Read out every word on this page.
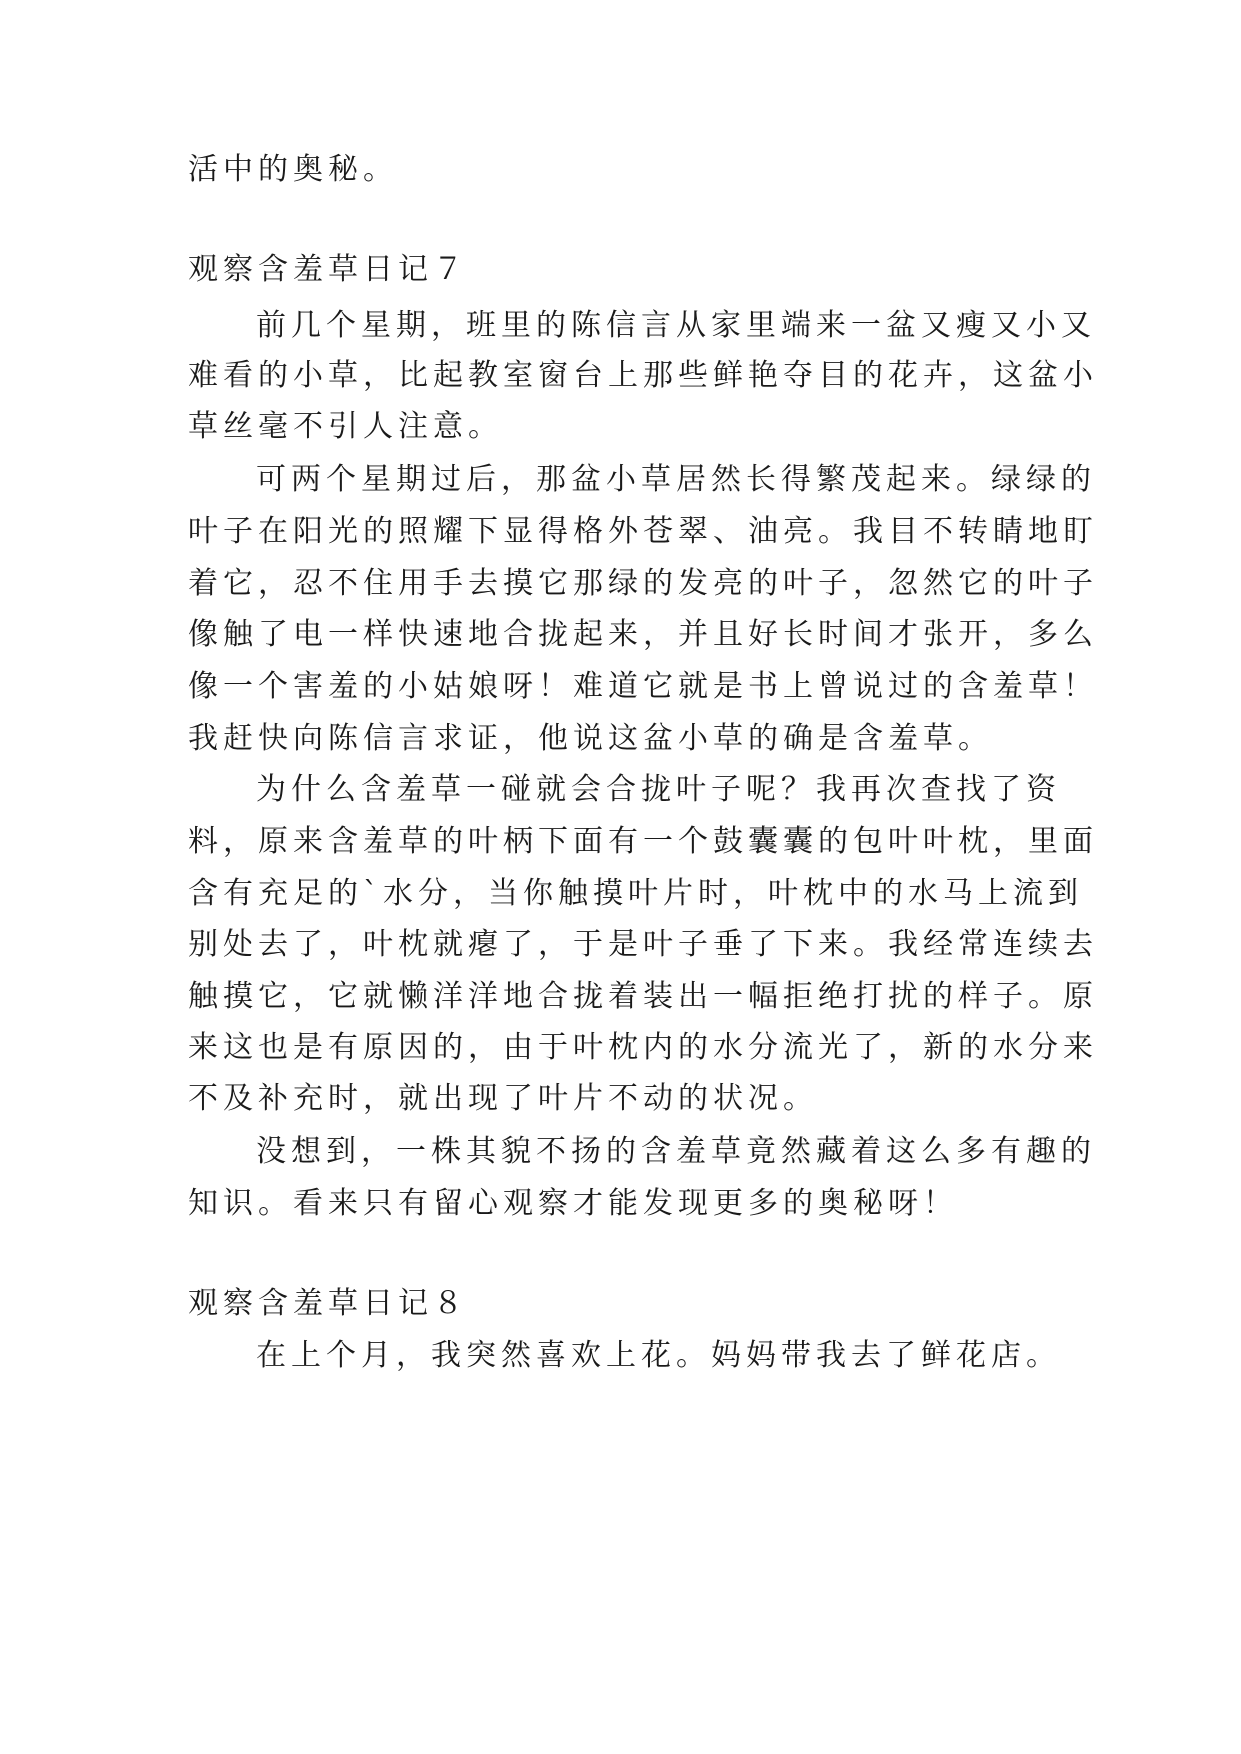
活中的奥秘。
观察含羞草日记７
前几个星期，班里的陈信言从家里端来一盆又瘦又小又
难看的小草，比起教室窗台上那些鲜艳夺目的花卉，这盆小
草丝毫不引人注意。
可两个星期过后，那盆小草居然长得繁茂起来。绿绿的
叶子在阳光的照耀下显得格外苍翠、油亮。我目不转睛地盯
着它，忍不住用手去摸它那绿的发亮的叶子，忽然它的叶子
像触了电一样快速地合拢起来，并且好长时间才张开，多么
像一个害羞的小姑娘呀！难道它就是书上曾说过的含羞草！
我赶快向陈信言求证，他说这盆小草的确是含羞草。
为什么含羞草一碰就会合拢叶子呢？我再次查找了资
料，原来含羞草的叶柄下面有一个鼓囊囊的包叶叶枕，里面
含有充足的`水分，当你触摸叶片时，叶枕中的水马上流到
别处去了，叶枕就瘪了，于是叶子垂了下来。我经常连续去
触摸它，它就懒洋洋地合拢着装出一幅拒绝打扰的样子。原
来这也是有原因的，由于叶枕内的水分流光了，新的水分来
不及补充时，就出现了叶片不动的状况。
没想到，一株其貌不扬的含羞草竟然藏着这么多有趣的
知识。看来只有留心观察才能发现更多的奥秘呀！
观察含羞草日记８
在上个月，我突然喜欢上花。妈妈带我去了鲜花店。
